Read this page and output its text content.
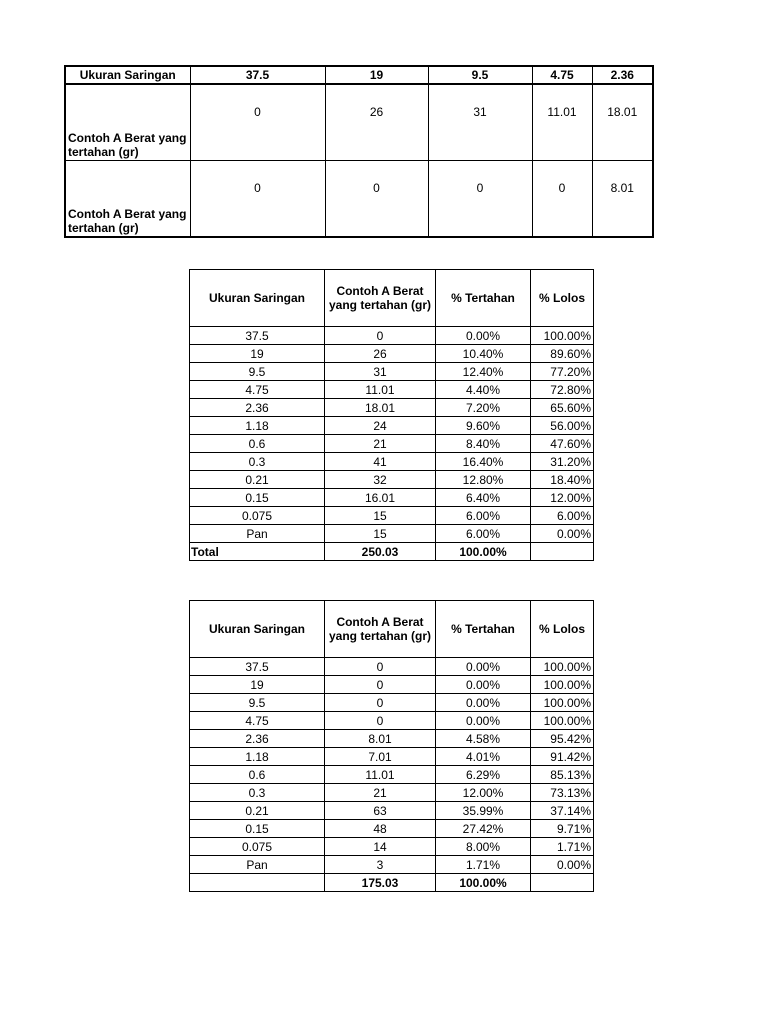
Ukuran Saringan	37.5	19	9.5	4.75	2.36
Contoh A Berat yang tertahan (gr)	0	26	31	11.01	18.01
Contoh A Berat yang tertahan (gr)	0	0	0	0	8.01
Ukuran Saringan	Contoh A Berat yang tertahan (gr)	% Tertahan	% Lolos
37.5	0	0.00%	100.00%
19	26	10.40%	89.60%
9.5	31	12.40%	77.20%
4.75	11.01	4.40%	72.80%
2.36	18.01	7.20%	65.60%
1.18	24	9.60%	56.00%
0.6	21	8.40%	47.60%
0.3	41	16.40%	31.20%
0.21	32	12.80%	18.40%
0.15	16.01	6.40%	12.00%
0.075	15	6.00%	6.00%
Pan	15	6.00%	0.00%
Total	250.03	100.00%	
Ukuran Saringan	Contoh A Berat yang tertahan (gr)	% Tertahan	% Lolos
37.5	0	0.00%	100.00%
19	0	0.00%	100.00%
9.5	0	0.00%	100.00%
4.75	0	0.00%	100.00%
2.36	8.01	4.58%	95.42%
1.18	7.01	4.01%	91.42%
0.6	11.01	6.29%	85.13%
0.3	21	12.00%	73.13%
0.21	63	35.99%	37.14%
0.15	48	27.42%	9.71%
0.075	14	8.00%	1.71%
Pan	3	1.71%	0.00%
	175.03	100.00%	
